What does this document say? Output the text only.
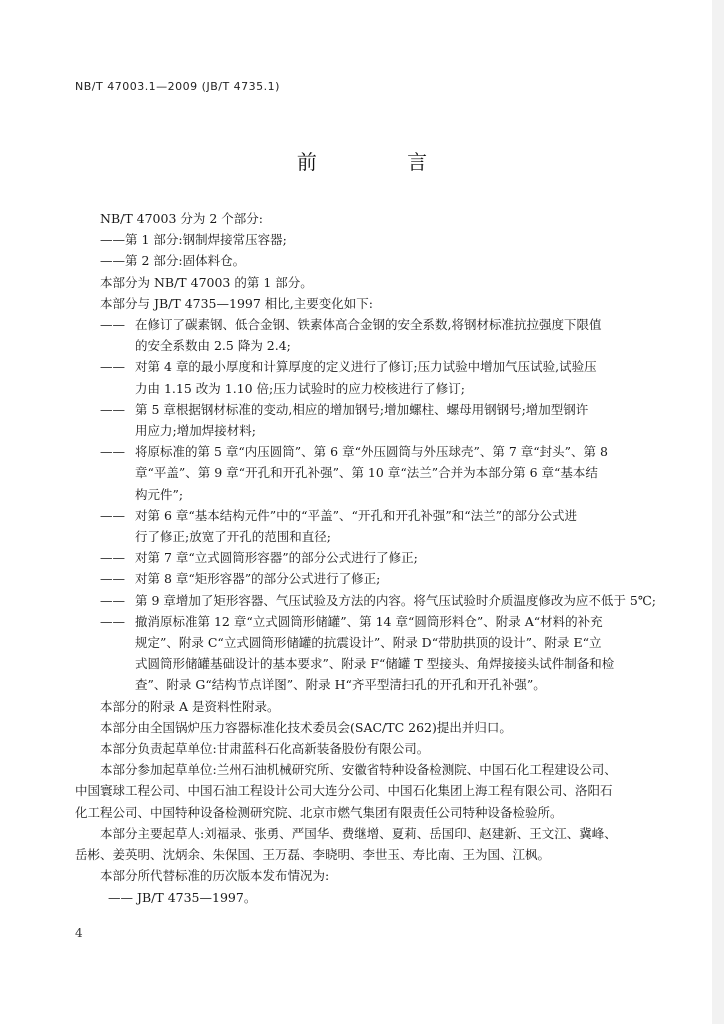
NB/T 47003.1—2009 (JB/T 4735.1)
前 言
NB/T 47003 分为 2 个部分:
——第 1 部分:钢制焊接常压容器;
——第 2 部分:固体料仓。
本部分为 NB/T 47003 的第 1 部分。
本部分与 JB/T 4735—1997 相比,主要变化如下:
—— 在修订了碳素钢、低合金钢、铁素体高合金钢的安全系数,将钢材标准抗拉强度下限值
的安全系数由 2.5 降为 2.4;
—— 对第 4 章的最小厚度和计算厚度的定义进行了修订;压力试验中增加气压试验,试验压
力由 1.15 改为 1.10 倍;压力试验时的应力校核进行了修订;
—— 第 5 章根据钢材标准的变动,相应的增加钢号;增加螺柱、螺母用钢钢号;增加型钢许
用应力;增加焊接材料;
—— 将原标准的第 5 章“内压圆筒”、第 6 章“外压圆筒与外压球壳”、第 7 章“封头”、第 8
章“平盖”、第 9 章“开孔和开孔补强”、第 10 章“法兰”合并为本部分第 6 章“基本结
构元件”;
—— 对第 6 章“基本结构元件”中的“平盖”、“开孔和开孔补强”和“法兰”的部分公式进
行了修正;放宽了开孔的范围和直径;
—— 对第 7 章“立式圆筒形容器”的部分公式进行了修正;
—— 对第 8 章“矩形容器”的部分公式进行了修正;
—— 第 9 章增加了矩形容器、气压试验及方法的内容。将气压试验时介质温度修改为应不低于 5℃;
—— 撤消原标准第 12 章“立式圆筒形储罐”、第 14 章“圆筒形料仓”、附录 A“材料的补充
规定”、附录 C“立式圆筒形储罐的抗震设计”、附录 D“带肋拱顶的设计”、附录 E“立
式圆筒形储罐基础设计的基本要求”、附录 F“储罐 T 型接头、角焊接接头试件制备和检
查”、附录 G“结构节点详图”、附录 H“齐平型清扫孔的开孔和开孔补强”。
本部分的附录 A 是资料性附录。
本部分由全国锅炉压力容器标准化技术委员会(SAC/TC 262)提出并归口。
本部分负责起草单位:甘肃蓝科石化高新装备股份有限公司。
本部分参加起草单位:兰州石油机械研究所、安徽省特种设备检测院、中国石化工程建设公司、
中国寰球工程公司、中国石油工程设计公司大连分公司、中国石化集团上海工程有限公司、洛阳石
化工程公司、中国特种设备检测研究院、北京市燃气集团有限责任公司特种设备检验所。
本部分主要起草人:刘福录、张勇、严国华、费继增、夏莉、岳国印、赵建新、王文江、冀峰、
岳彬、姜英明、沈炳余、朱保国、王万磊、李晓明、李世玉、寿比南、王为国、江枫。
本部分所代替标准的历次版本发布情况为:
—— JB/T 4735—1997。
4
